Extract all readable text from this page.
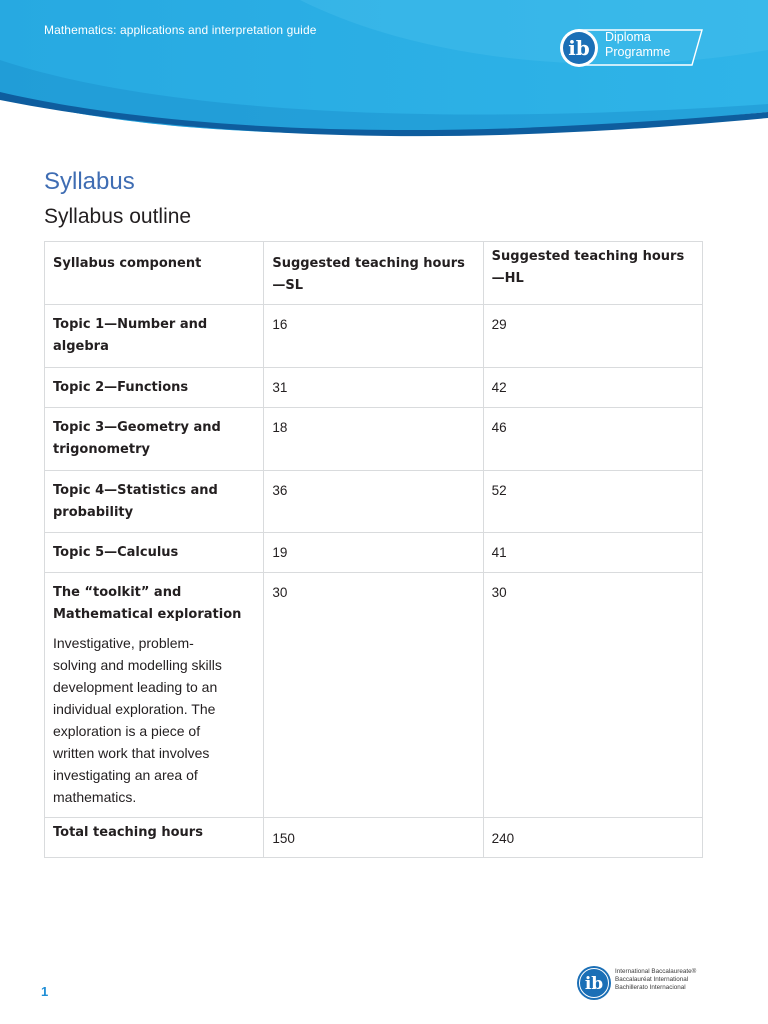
Mathematics: applications and interpretation guide
ib Diploma
Programme
Syllabus
Syllabus outline
Syllabus component	Suggested teaching hours—SL	Suggested teaching hours—HL

Topic 1—Number and algebra	16	29

Topic 2—Functions	31	42

Topic 3—Geometry and trigonometry	18	46

Topic 4—Statistics and probability	36	52

Topic 5—Calculus	19	41

The “toolkit” and Mathematical exploration

Investigative, problem-solving and modelling skills development leading to an individual exploration. The exploration is a piece of written work that involves investigating an area of mathematics.	30	30

Total teaching hours	150	240
1	ib
International Baccalaureate®
Baccalauréat International
Bachillerato Internacional
